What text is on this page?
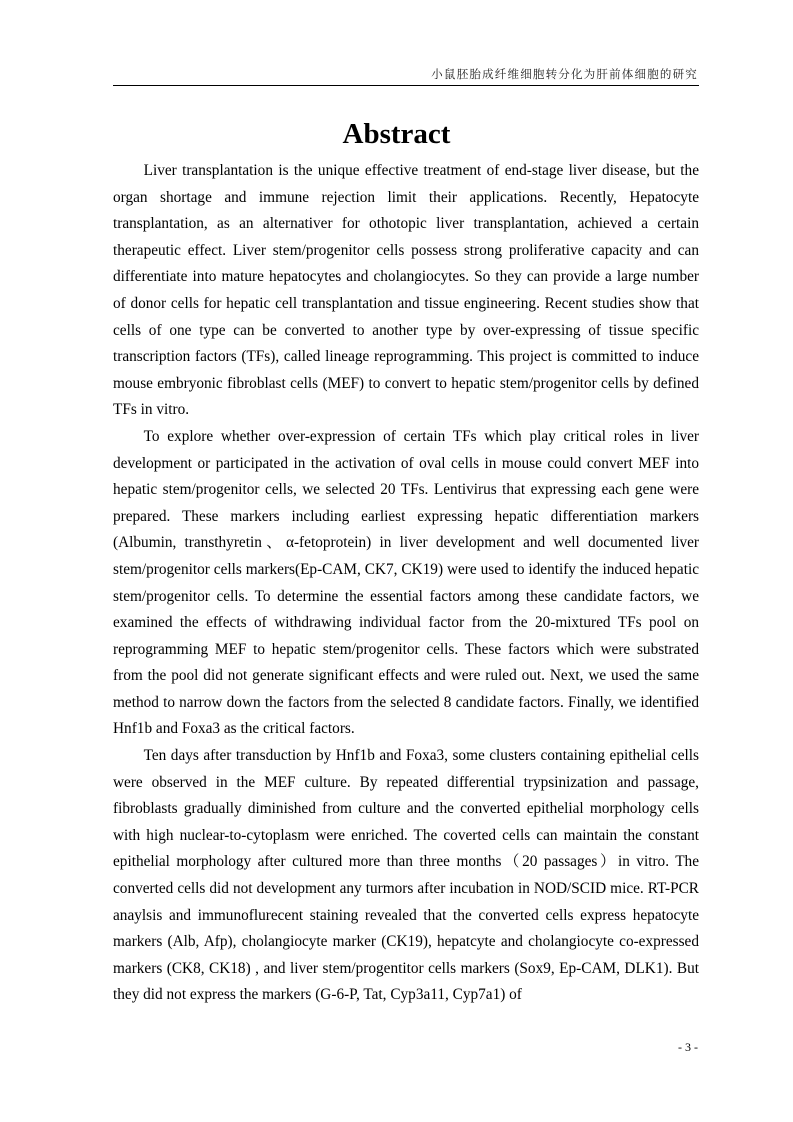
小鼠胚胎成纤维细胞转分化为肝前体细胞的研究
Abstract

Liver transplantation is the unique effective treatment of end-stage liver disease, but the organ shortage and immune rejection limit their applications. Recently, Hepatocyte transplantation, as an alternativer for othotopic liver transplantation, achieved a certain therapeutic effect. Liver stem/progenitor cells possess strong proliferative capacity and can differentiate into mature hepatocytes and cholangiocytes. So they can provide a large number of donor cells for hepatic cell transplantation and tissue engineering. Recent studies show that cells of one type can be converted to another type by over-expressing of tissue specific transcription factors (TFs), called lineage reprogramming. This project is committed to induce mouse embryonic fibroblast cells (MEF) to convert to hepatic stem/progenitor cells by defined TFs in vitro.

To explore whether over-expression of certain TFs which play critical roles in liver development or participated in the activation of oval cells in mouse could convert MEF into hepatic stem/progenitor cells, we selected 20 TFs. Lentivirus that expressing each gene were prepared. These markers including earliest expressing hepatic differentiation markers (Albumin, transthyretin、α-fetoprotein) in liver development and well documented liver stem/progenitor cells markers(Ep-CAM, CK7, CK19) were used to identify the induced hepatic stem/progenitor cells. To determine the essential factors among these candidate factors, we examined the effects of withdrawing individual factor from the 20-mixtured TFs pool on reprogramming MEF to hepatic stem/progenitor cells. These factors which were substrated from the pool did not generate significant effects and were ruled out. Next, we used the same method to narrow down the factors from the selected 8 candidate factors. Finally, we identified Hnf1b and Foxa3 as the critical factors.

Ten days after transduction by Hnf1b and Foxa3, some clusters containing epithelial cells were observed in the MEF culture. By repeated differential trypsinization and passage, fibroblasts gradually diminished from culture and the converted epithelial morphology cells with high nuclear-to-cytoplasm were enriched. The coverted cells can maintain the constant epithelial morphology after cultured more than three months（20 passages）in vitro. The converted cells did not development any turmors after incubation in NOD/SCID mice. RT-PCR anaylsis and immunoflurecent staining revealed that the converted cells express hepatocyte markers (Alb, Afp), cholangiocyte marker (CK19), hepatcyte and cholangiocyte co-expressed markers (CK8, CK18) , and liver stem/progentitor cells markers (Sox9, Ep-CAM, DLK1). But they did not express the markers (G-6-P, Tat, Cyp3a11, Cyp7a1) of

- 3 -
